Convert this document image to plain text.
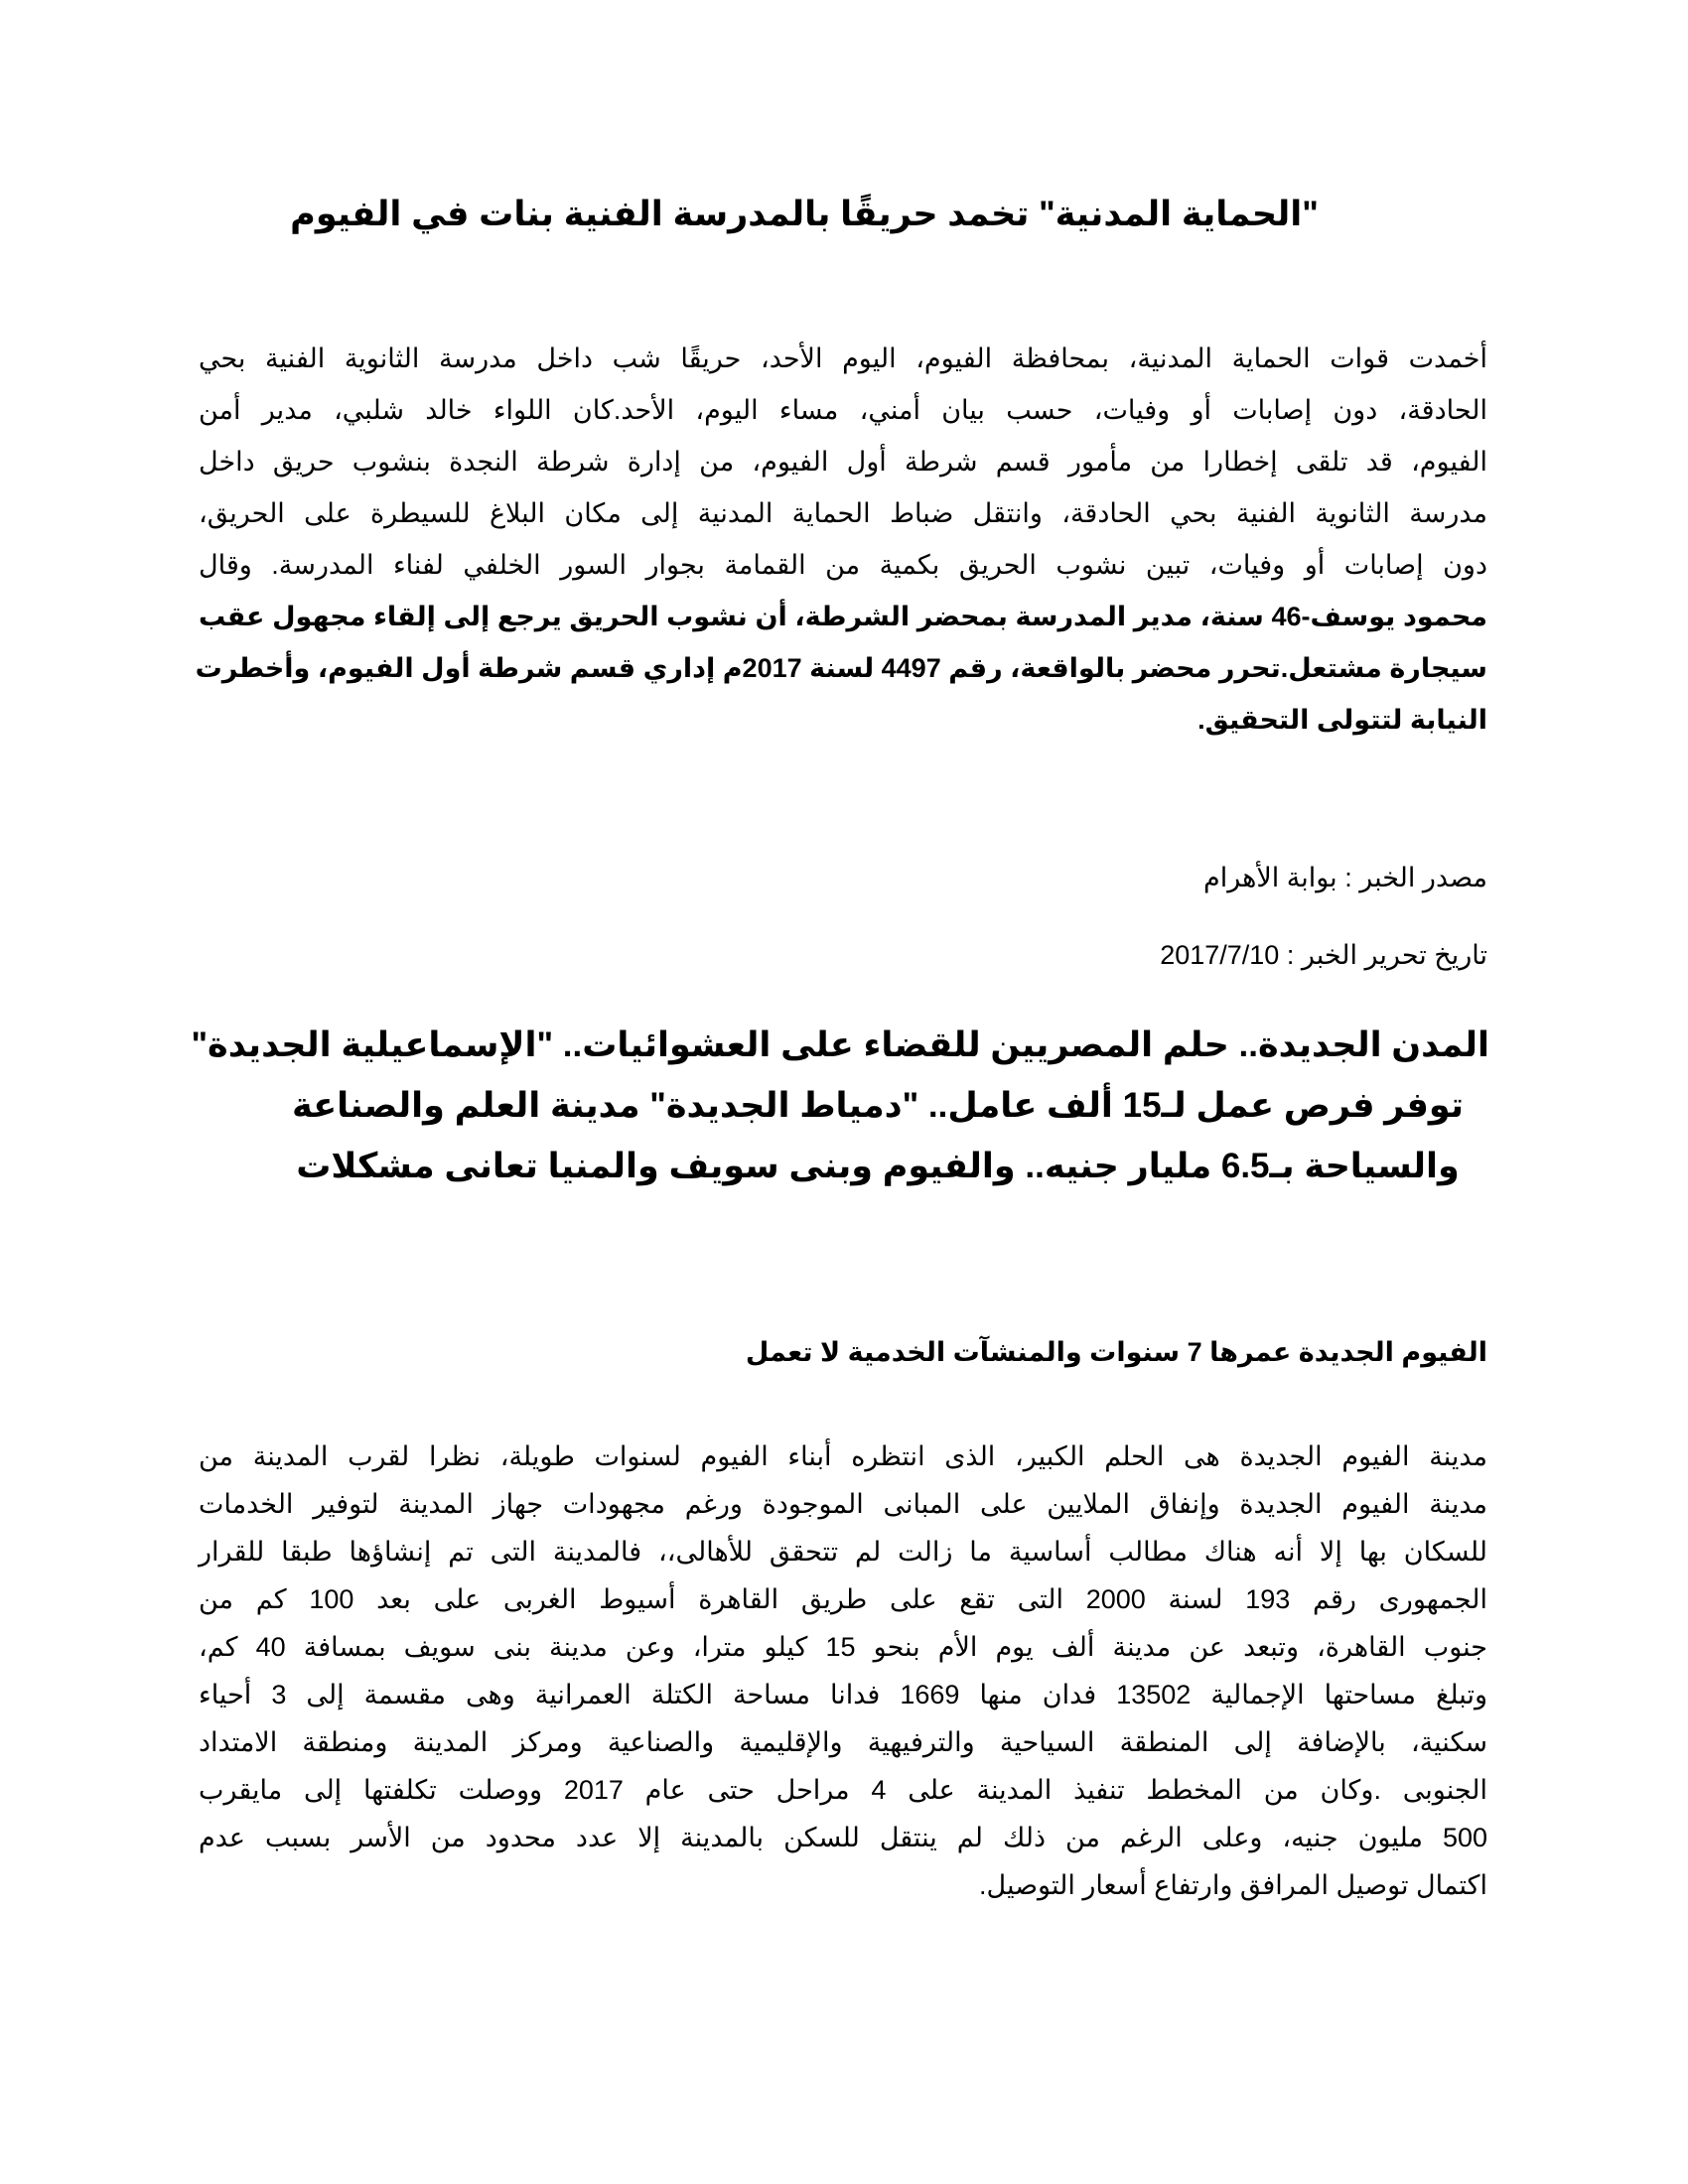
"الحماية المدنية" تخمد حريقًا بالمدرسة الفنية بنات في الفيوم
أخمدت قوات الحماية المدنية، بمحافظة الفيوم، اليوم الأحد، حريقًا شب داخل مدرسة الثانوية الفنية بحي
الحادقة، دون إصابات أو وفيات، حسب بيان أمني، مساء اليوم، الأحد.كان اللواء خالد شلبي، مدير أمن
الفيوم، قد تلقى إخطارا من مأمور قسم شرطة أول الفيوم، من إدارة شرطة النجدة بنشوب حريق داخل
مدرسة الثانوية الفنية بحي الحادقة، وانتقل ضباط الحماية المدنية إلى مكان البلاغ للسيطرة على الحريق،
دون إصابات أو وفيات، تبين نشوب الحريق بكمية من القمامة بجوار السور الخلفي لفناء المدرسة. وقال
محمود يوسف-46 سنة، مدير المدرسة بمحضر الشرطة، أن نشوب الحريق يرجع إلى إلقاء مجهول عقب
سيجارة مشتعل.تحرر محضر بالواقعة، رقم 4497 لسنة 2017م إداري قسم شرطة أول الفيوم، وأخطرت
النيابة لتتولى التحقيق.
مصدر الخبر : بوابة الأهرام
تاريخ تحرير الخبر : 2017/7/10
المدن الجديدة.. حلم المصريين للقضاء على العشوائيات.. "الإسماعيلية الجديدة"
توفر فرص عمل لـ15 ألف عامل.. "دمياط الجديدة" مدينة العلم والصناعة
والسياحة بـ6.5 مليار جنيه.. والفيوم وبنى سويف والمنيا تعانى مشكلات
الفيوم الجديدة عمرها 7 سنوات والمنشآت الخدمية لا تعمل
مدينة الفيوم الجديدة هى الحلم الكبير، الذى انتظره أبناء الفيوم لسنوات طويلة، نظرا لقرب المدينة من
مدينة الفيوم الجديدة وإنفاق الملايين على المبانى الموجودة ورغم مجهودات جهاز المدينة لتوفير الخدمات
للسكان بها إلا أنه هناك مطالب أساسية ما زالت لم تتحقق للأهالى،، فالمدينة التى تم إنشاؤها طبقا للقرار
الجمهورى رقم 193 لسنة 2000 التى تقع على طريق القاهرة أسيوط الغربى على بعد 100 كم من
جنوب القاهرة، وتبعد عن مدينة ألف يوم الأم بنحو 15 كيلو مترا، وعن مدينة بنى سويف بمسافة 40 كم،
وتبلغ مساحتها الإجمالية 13502 فدان منها 1669 فدانا مساحة الكتلة العمرانية وهى مقسمة إلى 3 أحياء
سكنية، بالإضافة إلى المنطقة السياحية والترفيهية والإقليمية والصناعية ومركز المدينة ومنطقة الامتداد
الجنوبى .وكان من المخطط تنفيذ المدينة على 4 مراحل حتى عام 2017 ووصلت تكلفتها إلى مايقرب
500 مليون جنيه، وعلى الرغم من ذلك لم ينتقل للسكن بالمدينة إلا عدد محدود من الأسر بسبب عدم
اكتمال توصيل المرافق وارتفاع أسعار التوصيل.
